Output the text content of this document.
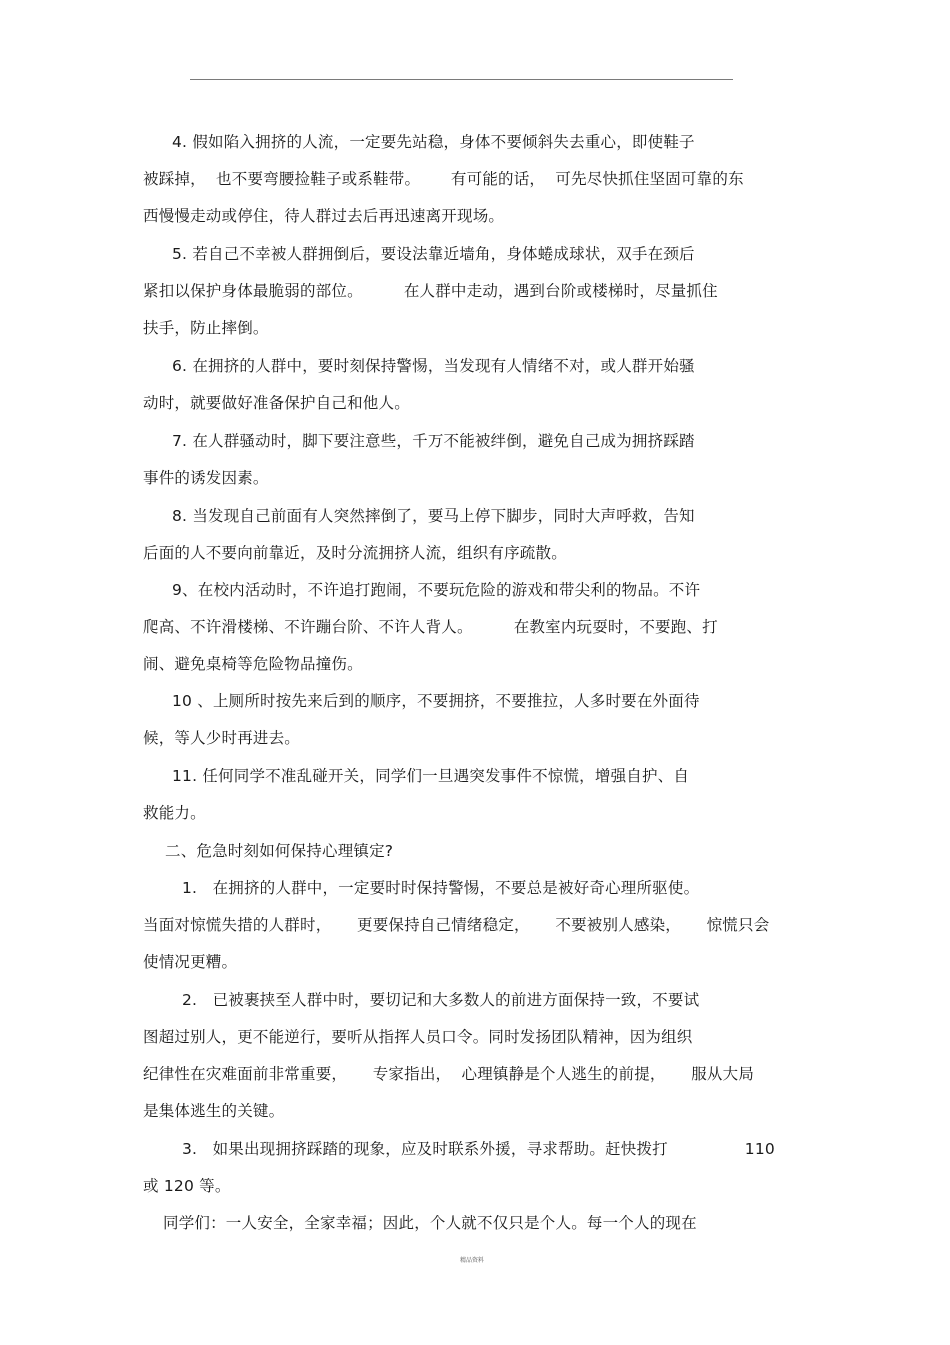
4. 假如陷入拥挤的人流，一定要先站稳，身体不要倾斜失去重心，即使鞋子
被踩掉，  也不要弯腰捡鞋子或系鞋带。      有可能的话，  可先尽快抓住坚固可靠的东
西慢慢走动或停住，待人群过去后再迅速离开现场。
5. 若自己不幸被人群拥倒后，要设法靠近墙角，身体蜷成球状，双手在颈后
紧扣以保护身体最脆弱的部位。        在人群中走动，遇到台阶或楼梯时，尽量抓住
扶手，防止摔倒。
6. 在拥挤的人群中，要时刻保持警惕，当发现有人情绪不对，或人群开始骚
动时，就要做好准备保护自己和他人。
7. 在人群骚动时，脚下要注意些，千万不能被绊倒，避免自己成为拥挤踩踏
事件的诱发因素。
8. 当发现自己前面有人突然摔倒了，要马上停下脚步，同时大声呼救，告知
后面的人不要向前靠近，及时分流拥挤人流，组织有序疏散。
9、在校内活动时，不许追打跑闹，不要玩危险的游戏和带尖利的物品。不许
爬高、不许滑楼梯、不许蹦台阶、不许人背人。        在教室内玩耍时，不要跑、打
闹、避免桌椅等危险物品撞伤。
10 、上厕所时按先来后到的顺序，不要拥挤，不要推拉，人多时要在外面待
候，等人少时再进去。
11. 任何同学不准乱碰开关，同学们一旦遇突发事件不惊慌，增强自护、自
救能力。
二、危急时刻如何保持心理镇定?
1.   在拥挤的人群中，一定要时时保持警惕，不要总是被好奇心理所驱使。
当面对惊慌失措的人群时，     更要保持自己情绪稳定，     不要被别人感染，     惊慌只会
使情况更糟。
2.   已被裹挟至人群中时，要切记和大多数人的前进方面保持一致，不要试
图超过别人，更不能逆行，要听从指挥人员口令。同时发扬团队精神，因为组织
纪律性在灾难面前非常重要，     专家指出，  心理镇静是个人逃生的前提，     服从大局
是集体逃生的关键。
3.   如果出现拥挤踩踏的现象，应及时联系外援，寻求帮助。赶快拨打               110
或 120 等。
同学们：一人安全，全家幸福；因此，个人就不仅只是个人。每一个人的现在
精品资料
